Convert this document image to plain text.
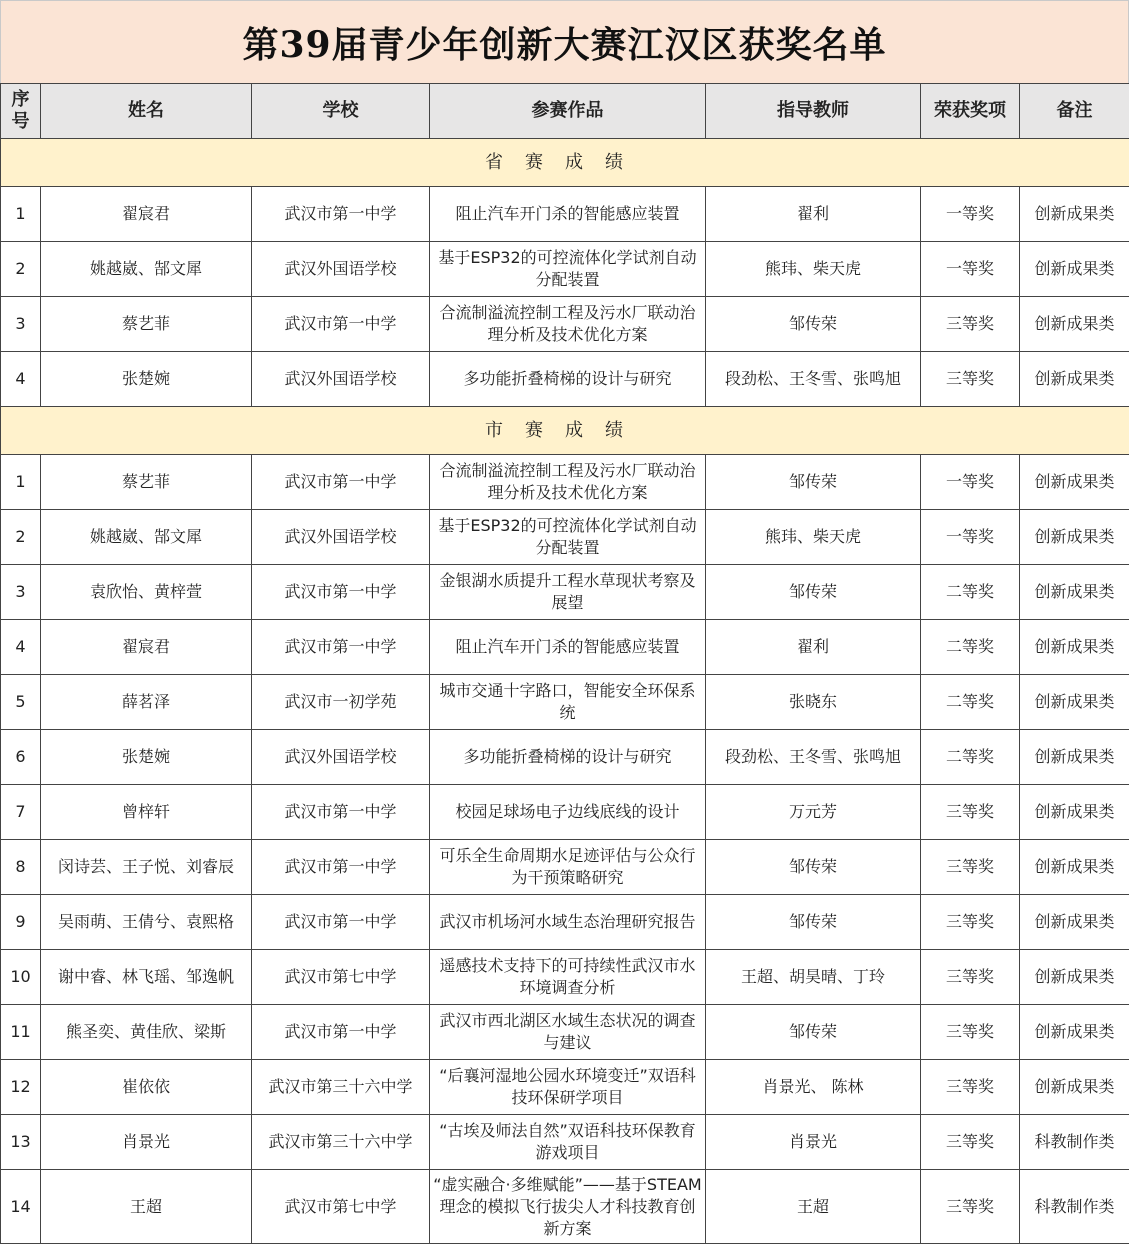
第39届青少年创新大赛江汉区获奖名单
序号	姓名	学校	参赛作品	指导教师	荣获奖项	备注
省赛成绩						
1	翟宸君	武汉市第一中学	阻止汽车开门杀的智能感应装置	翟利	一等奖	创新成果类
2	姚越崴、郜文犀	武汉外国语学校	基于ESP32的可控流体化学试剂自动分配装置	熊玮、柴天虎	一等奖	创新成果类
3	蔡艺菲	武汉市第一中学	合流制溢流控制工程及污水厂联动治理分析及技术优化方案	邹传荣	三等奖	创新成果类
4	张楚婉	武汉外国语学校	多功能折叠椅梯的设计与研究	段劲松、王冬雪、张鸣旭	三等奖	创新成果类
市赛成绩						
1	蔡艺菲	武汉市第一中学	合流制溢流控制工程及污水厂联动治理分析及技术优化方案	邹传荣	一等奖	创新成果类
2	姚越崴、郜文犀	武汉外国语学校	基于ESP32的可控流体化学试剂自动分配装置	熊玮、柴天虎	一等奖	创新成果类
3	袁欣怡、黄梓萱	武汉市第一中学	金银湖水质提升工程水草现状考察及展望	邹传荣	二等奖	创新成果类
4	翟宸君	武汉市第一中学	阻止汽车开门杀的智能感应装置	翟利	二等奖	创新成果类
5	薛茗泽	武汉市一初学苑	城市交通十字路口，智能安全环保系统	张晓东	二等奖	创新成果类
6	张楚婉	武汉外国语学校	多功能折叠椅梯的设计与研究	段劲松、王冬雪、张鸣旭	二等奖	创新成果类
7	曾梓轩	武汉市第一中学	校园足球场电子边线底线的设计	万元芳	三等奖	创新成果类
8	闵诗芸、王子悦、刘睿辰	武汉市第一中学	可乐全生命周期水足迹评估与公众行为干预策略研究	邹传荣	三等奖	创新成果类
9	吴雨萌、王倩兮、袁熙格	武汉市第一中学	武汉市机场河水域生态治理研究报告	邹传荣	三等奖	创新成果类
10	谢中睿、林飞瑶、邹逸帆	武汉市第七中学	遥感技术支持下的可持续性武汉市水环境调查分析	王超、胡昊晴、丁玲	三等奖	创新成果类
11	熊圣奕、黄佳欣、梁斯	武汉市第一中学	武汉市西北湖区水域生态状况的调查与建议	邹传荣	三等奖	创新成果类
12	崔依依	武汉市第三十六中学	“后襄河湿地公园水环境变迁”双语科技环保研学项目	肖景光、 陈林	三等奖	创新成果类
13	肖景光	武汉市第三十六中学	“古埃及师法自然”双语科技环保教育游戏项目	肖景光	三等奖	科教制作类
14	王超	武汉市第七中学	“虚实融合·多维赋能”——基于STEAM理念的模拟飞行拔尖人才科技教育创新方案	王超	三等奖	科教制作类
